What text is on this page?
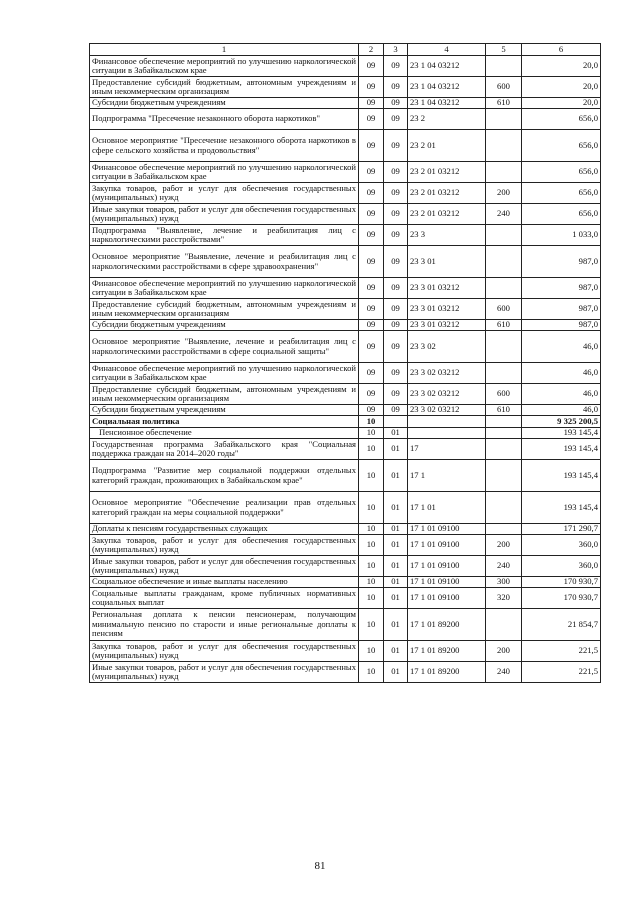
1	2	3	4	5	6
Финансовое обеспечение мероприятий по улучшению наркологической ситуации в Забайкальском крае	09	09	23 1 04 03212		20,0
Предоставление субсидий бюджетным, автономным учреждениям и иным некоммерческим организациям	09	09	23 1 04 03212	600	20,0
Субсидии бюджетным учреждениям	09	09	23 1 04 03212	610	20,0
Подпрограмма "Пресечение незаконного оборота наркотиков"	09	09	23 2		656,0
Основное мероприятие "Пресечение незаконного оборота наркотиков в сфере сельского хозяйства и продовольствия"	09	09	23 2 01		656,0
Финансовое обеспечение мероприятий по улучшению наркологической ситуации в Забайкальском крае	09	09	23 2 01 03212		656,0
Закупка товаров, работ и услуг для обеспечения государственных (муниципальных) нужд	09	09	23 2 01 03212	200	656,0
Иные закупки товаров, работ и услуг для обеспечения государственных (муниципальных) нужд	09	09	23 2 01 03212	240	656,0
Подпрограмма "Выявление, лечение и реабилитация лиц с наркологическими расстройствами"	09	09	23 3		1 033,0
Основное мероприятие "Выявление, лечение и реабилитация лиц с наркологическими расстройствами в сфере здравоохранения"	09	09	23 3 01		987,0
Финансовое обеспечение мероприятий по улучшению наркологической ситуации в Забайкальском крае	09	09	23 3 01 03212		987,0
Предоставление субсидий бюджетным, автономным учреждениям и иным некоммерческим организациям	09	09	23 3 01 03212	600	987,0
Субсидии бюджетным учреждениям	09	09	23 3 01 03212	610	987,0
Основное мероприятие "Выявление, лечение и реабилитация лиц с наркологическими расстройствами в сфере социальной защиты"	09	09	23 3 02		46,0
Финансовое обеспечение мероприятий по улучшению наркологической ситуации в Забайкальском крае	09	09	23 3 02 03212		46,0
Предоставление субсидий бюджетным, автономным учреждениям и иным некоммерческим организациям	09	09	23 3 02 03212	600	46,0
Субсидии бюджетным учреждениям	09	09	23 3 02 03212	610	46,0
Социальная политика	10				9 325 200,5
Пенсионное обеспечение	10	01			193 145,4
Государственная программа Забайкальского края "Социальная поддержка граждан на 2014–2020 годы"	10	01	17		193 145,4
Подпрограмма "Развитие мер социальной поддержки отдельных категорий граждан, проживающих в Забайкальском крае"	10	01	17 1		193 145,4
Основное мероприятие "Обеспечение реализации прав отдельных категорий граждан на меры социальной поддержки"	10	01	17 1 01		193 145,4
Доплаты к пенсиям государственных служащих	10	01	17 1 01 09100		171 290,7
Закупка товаров, работ и услуг для обеспечения государственных (муниципальных) нужд	10	01	17 1 01 09100	200	360,0
Иные закупки товаров, работ и услуг для обеспечения государственных (муниципальных) нужд	10	01	17 1 01 09100	240	360,0
Социальное обеспечение и иные выплаты населению	10	01	17 1 01 09100	300	170 930,7
Социальные выплаты гражданам, кроме публичных нормативных социальных выплат	10	01	17 1 01 09100	320	170 930,7
Региональная доплата к пенсии пенсионерам, получающим минимальную пенсию по старости и иные региональные доплаты к пенсиям	10	01	17 1 01 89200		21 854,7
Закупка товаров, работ и услуг для обеспечения государственных (муниципальных) нужд	10	01	17 1 01 89200	200	221,5
Иные закупки товаров, работ и услуг для обеспечения государственных (муниципальных) нужд	10	01	17 1 01 89200	240	221,5
81
